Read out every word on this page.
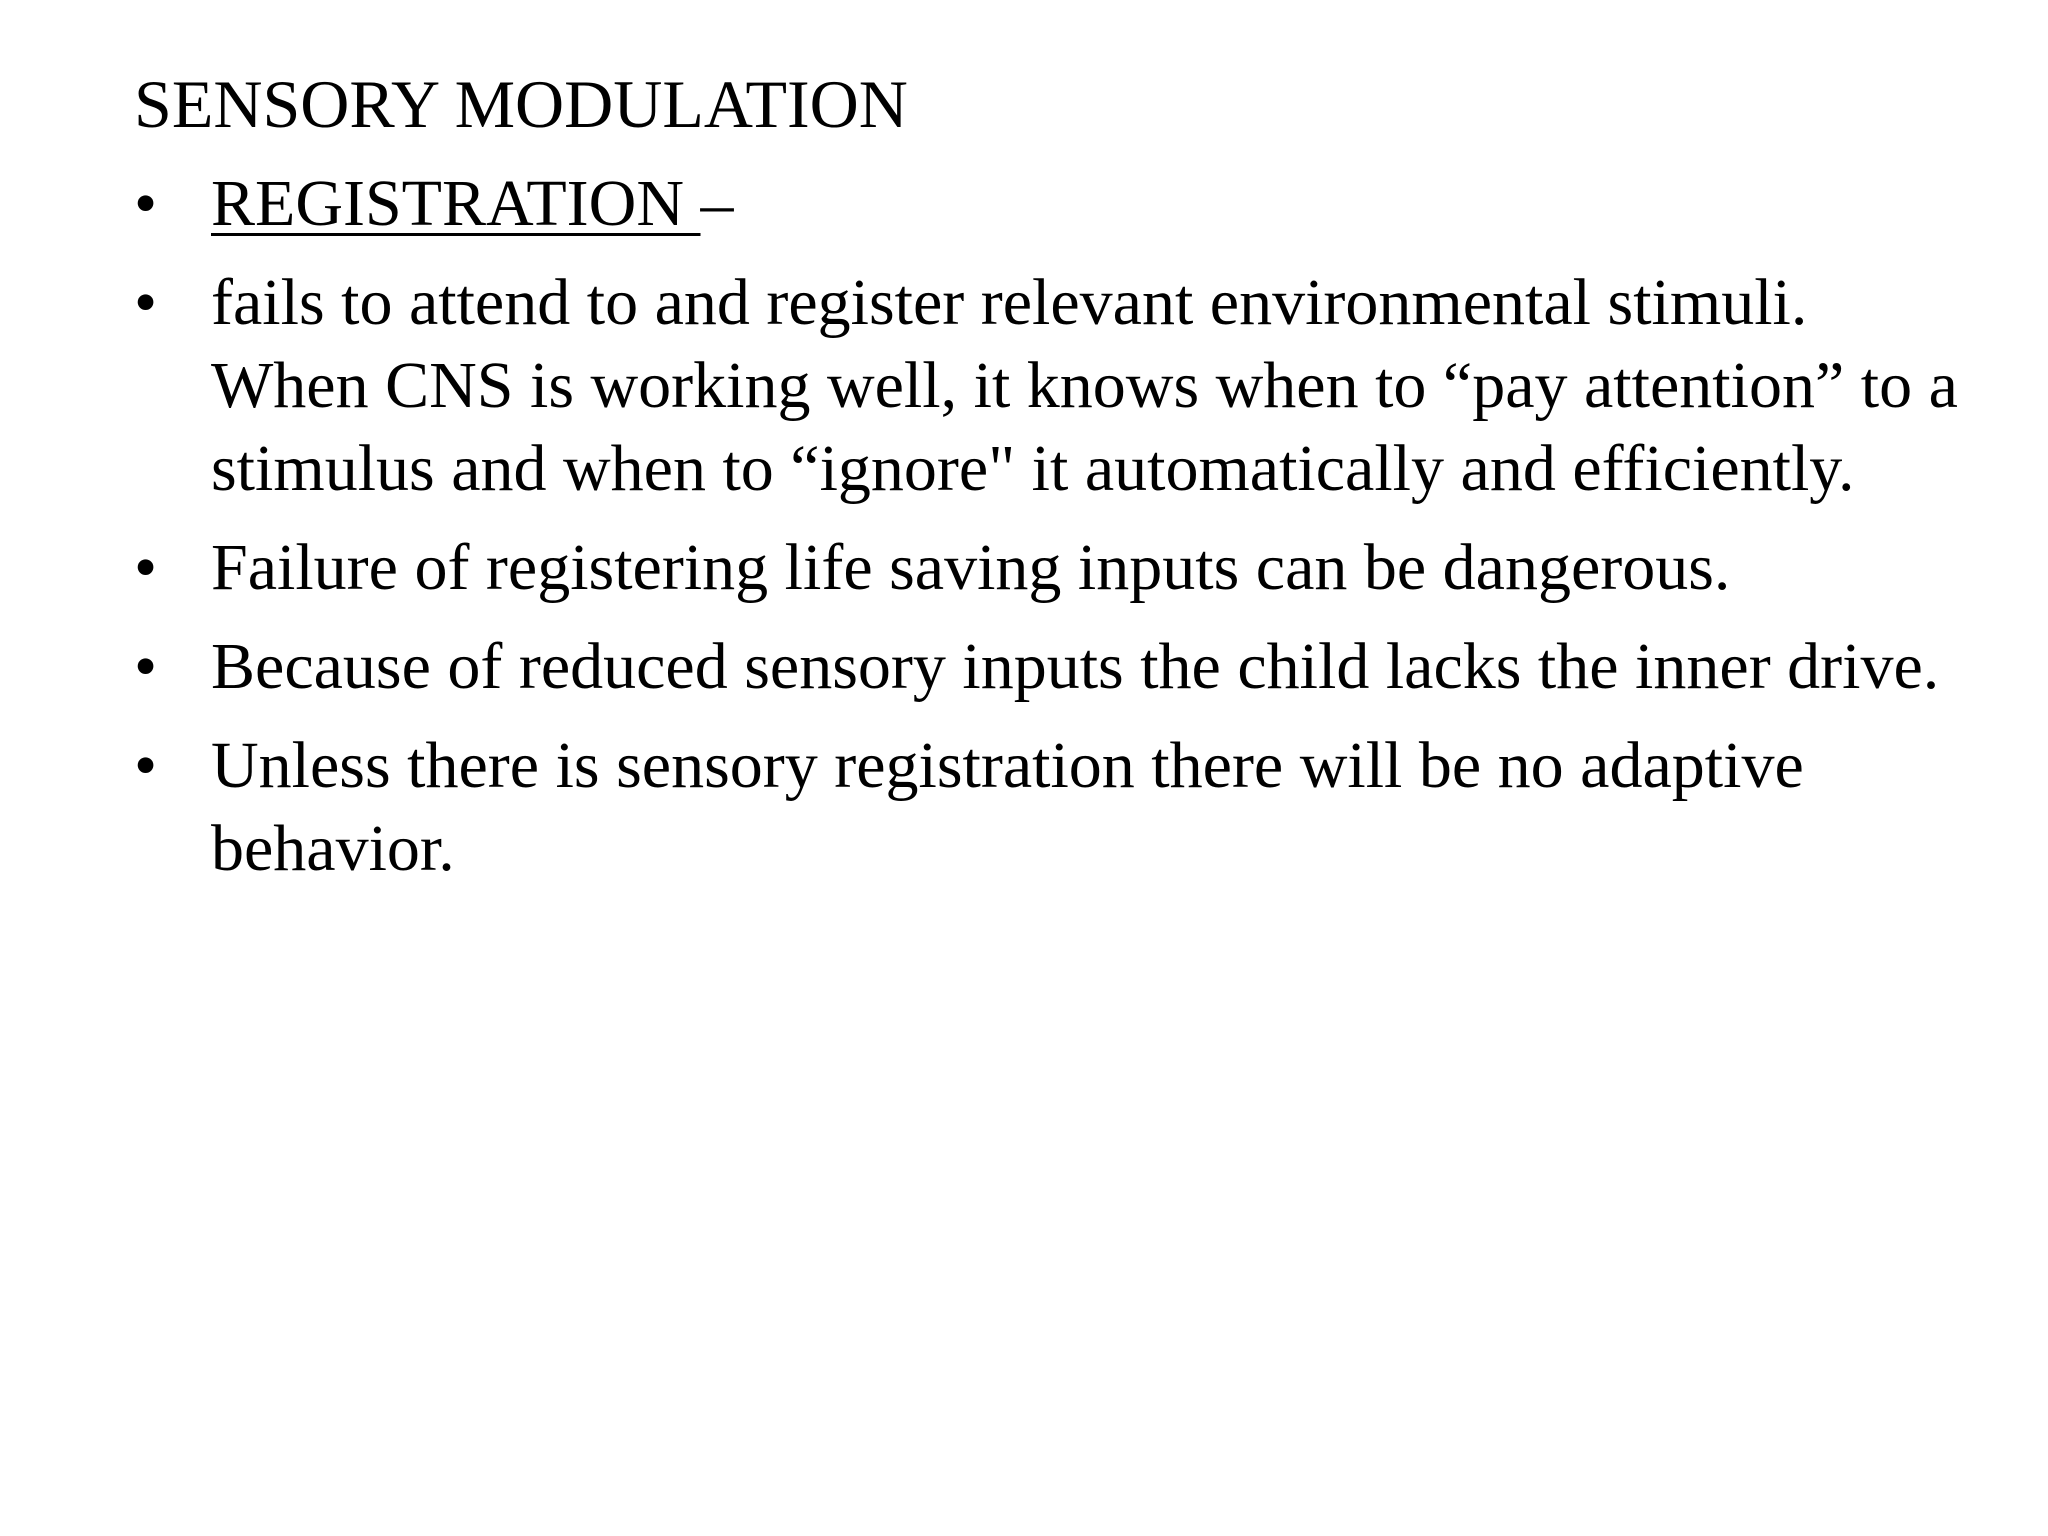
SENSORY MODULATION
• REGISTRATION –
• fails to attend to and register relevant environmental stimuli. When CNS is working well, it knows when to “pay attention” to a stimulus and when to “ignore" it automatically and efficiently.
• Failure of registering life saving inputs can be dangerous.
• Because of reduced sensory inputs the child lacks the inner drive.
• Unless there is sensory registration there will be no adaptive behavior.
